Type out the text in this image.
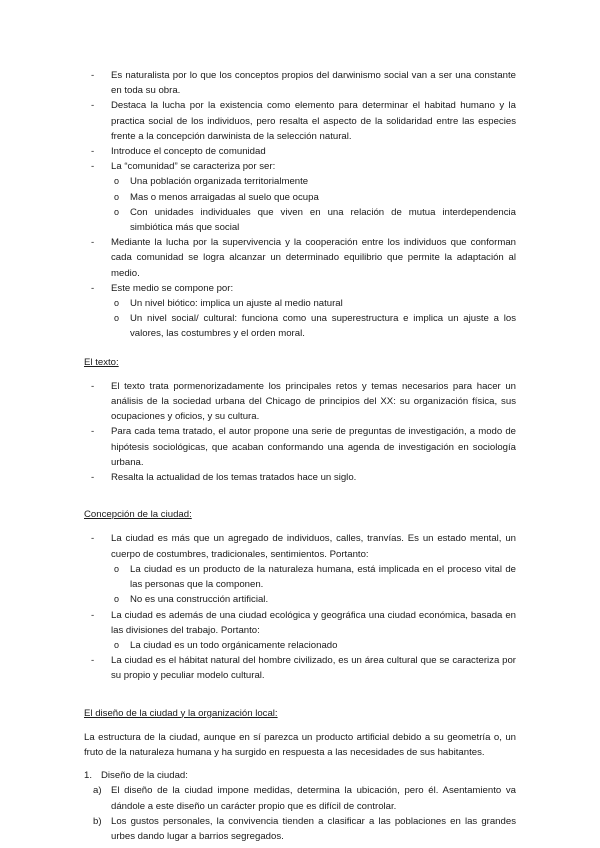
- Es naturalista por lo que los conceptos propios del darwinismo social van a ser una constante en toda su obra.
- Destaca la lucha por la existencia como elemento para determinar el habitad humano y la practica social de los individuos, pero resalta el aspecto de la solidaridad entre las especies frente a la concepción darwinista de la selección natural.
- Introduce el concepto de comunidad
- La “comunidad” se caracteriza por ser:
o Una población organizada territorialmente
o Mas o menos arraigadas al suelo que ocupa
o Con unidades individuales que viven en una relación de mutua interdependencia simbiótica más que social
- Mediante la lucha por la supervivencia y la cooperación entre los individuos que conforman cada comunidad se logra alcanzar un determinado equilibrio que permite la adaptación al medio.
- Este medio se compone por:
o Un nivel biótico: implica un ajuste al medio natural
o Un nivel social/ cultural: funciona como una superestructura e implica un ajuste a los valores, las costumbres y el orden moral.

El texto:

- El texto trata pormenorizadamente los principales retos y temas necesarios para hacer un análisis de la sociedad urbana del Chicago de principios del XX: su organización física, sus ocupaciones y oficios, y su cultura.
- Para cada tema tratado, el autor propone una serie de preguntas de investigación, a modo de hipótesis sociológicas, que acaban conformando una agenda de investigación en sociología urbana.
- Resalta la actualidad de los temas tratados hace un siglo.

Concepción de la ciudad:

- La ciudad es más que un agregado de individuos, calles, tranvías. Es un estado mental, un cuerpo de costumbres, tradicionales, sentimientos. Portanto:
o La ciudad es un producto de la naturaleza humana, está implicada en el proceso vital de las personas que la componen.
o No es una construcción artificial.
- La ciudad es además de una ciudad ecológica y geográfica una ciudad económica, basada en las divisiones del trabajo. Portanto:
o La ciudad es un todo orgánicamente relacionado
- La ciudad es el hábitat natural del hombre civilizado, es un área cultural que se caracteriza por su propio y peculiar modelo cultural.

El diseño de la ciudad y la organización local:

La estructura de la ciudad, aunque en sí parezca un producto artificial debido a su geometría o, un fruto de la naturaleza humana y ha surgido en respuesta a las necesidades de sus habitantes.

1. Diseño de la ciudad:
a) El diseño de la ciudad impone medidas, determina la ubicación, pero él. Asentamiento va dándole a este diseño un carácter propio que es difícil de controlar.
b) Los gustos personales, la convivencia tienden a clasificar a las poblaciones en las grandes urbes dando lugar a barrios segregados.
